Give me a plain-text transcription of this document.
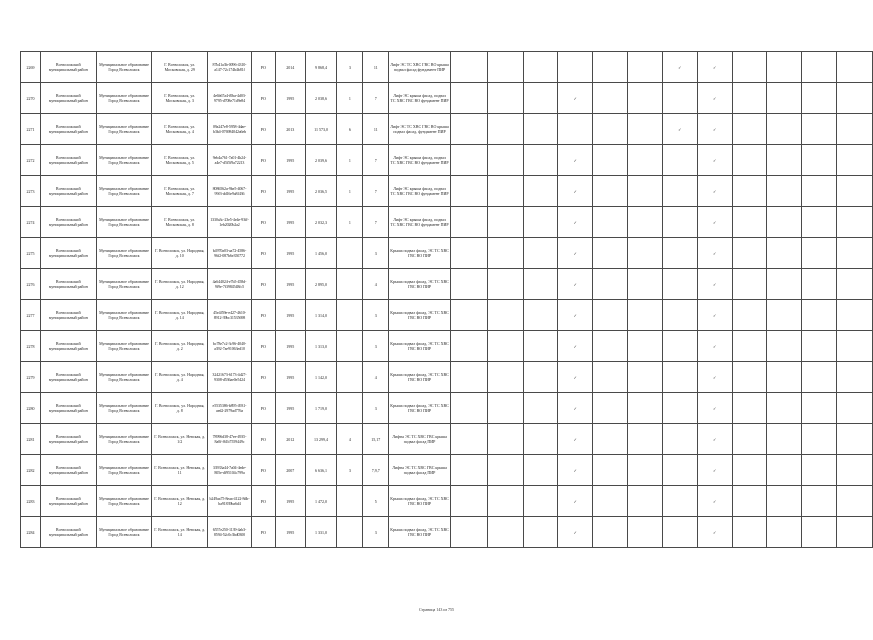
2269	Всеволожский муниципальный район	Муниципальное образование Город Всеволожск	Г. Всеволожск, ул. Московская, д. 29	87b41a3b-0096-4310-a147-72c174b4b81f	РО	2014	9 868,4	3	11	Лифт ЭС ТС ХВС ГВС ВО крыша подвал фасад фундамент ПИР							✓	✓				
2270	Всеволожский муниципальный район	Муниципальное образование Город Всеволожск	Г. Всеволожск, ул. Московская, д. 3	4e6b67a4-f0ba-4d03-9795-d708e71d9e84	РО	1995	2 038,6	1	7	Лифт ЭС крыша фасад, подвал ТС ХВС ГВС ВО фундамент ПИР				✓				✓				
2271	Всеволожский муниципальный район	Муниципальное образование Город Всеволожск	Г. Всеволожск, ул. Московская, д. 4	09a247e8-5958-4dae-b3b4-076984042a6eb	РО	2013	11 573,0	6	11	Лифт ЭС ТС ХВС ГВС ВО крыша подвал фасад, фундамент ПИР							✓	✓				
2272	Всеволожский муниципальный район	Муниципальное образование Город Всеволожск	Г. Всеволожск, ул. Московская, д. 5	9eb4a761-7a01-4b24-a4e7-d5f5f9a72213	РО	1995	2 039,6	1	7	Лифт ЭС крыша фасад, подвал ТС ХВС ГВС ВО фундамент ПИР				✓				✓				
2273	Всеволожский муниципальный район	Муниципальное образование Город Всеволожск	Г. Всеволожск, ул. Московская, д. 7	8086562a-9be5-4067-99f3-dd16e9a8f436	РО	1995	2 036,5	1	7	Лифт ЭС крыша фасад, подвал ТС ХВС ГВС ВО фундамент ПИР				✓				✓				
2274	Всеволожский муниципальный район	Муниципальное образование Город Всеволожск	Г. Всеволожск, ул. Московская, д. 8	1330a3c-23e5-4e4e-93ff-1eb2020b2a2	РО	1995	2 032,3	1	7	Лифт ЭС крыша фасад, подвал ТС ХВС ГВС ВО фундамент ПИР				✓				✓				
2275	Всеволожский муниципальный район	Муниципальное образование Город Всеволожск	Г. Всеволожск, ул. Народная, д. 10	b4970a03-aa72-4586-96f2-087b6e350772	РО	1995	1 456,0		3	Крыша подвал фасад, ЭС ТС ХВС ГВС ВО ПИР				✓				✓				
2276	Всеволожский муниципальный район	Муниципальное образование Город Всеволожск	Г. Всеволожск, ул. Народная, д. 12	4a644024-e7b5-458d-9f9e-7f3984548fc5	РО	1995	2 895,0		4	Крыша подвал фасад, ЭС ТС ХВС ГВС ВО ПИР				✓				✓				
2277	Всеволожский муниципальный район	Муниципальное образование Город Всеволожск	Г. Всеволожск, ул. Народная, д. 14	45e4f59e-e427-4610-8912-39bc31535698	РО	1995	1 314,0		3	Крыша подвал фасад, ЭС ТС ХВС ГВС ВО ПИР				✓				✓				
2278	Всеволожский муниципальный район	Муниципальное образование Город Всеволожск	Г. Всеволожск, ул. Народная, д. 2	bc78e7c2-3c96-4040-a392-7ae91063ed10	РО	1995	1 313,0		3	Крыша подвал фасад, ЭС ТС ХВС ГВС ВО ПИР				✓				✓				
2279	Всеволожский муниципальный район	Муниципальное образование Город Всеволожск	Г. Всеволожск, ул. Народная, д. 4	32421673-6173-4d27-9308-d536ae0e5424	РО	1995	1 142,0		4	Крыша подвал фасад, ЭС ТС ХВС ГВС ВО ПИР				✓				✓				
2280	Всеволожский муниципальный район	Муниципальное образование Город Всеволожск	Г. Всеволожск, ул. Народная, д. 8	e5535386-b895-4931-aed2-2979ad776a	РО	1995	1 719,0		3	Крыша подвал фасад, ЭС ТС ХВС ГВС ВО ПИР				✓				✓				
2281	Всеволожский муниципальный район	Муниципальное образование Город Всеволожск	Г. Всеволожск, ул. Невская, д. 1/2	78996d38-47ee-4935-8a0f-f61b7559449c	РО	2012	13 299,4	4	15,17	Лифты ЭС ТС ХВС ГВС крыша подвал фасад ПИР				✓				✓				
2282	Всеволожский муниципальный район	Муниципальное образование Город Всеволожск	Г. Всеволожск, ул. Невская, д. 11	33933a44-7a04-4ede-805e-df95104c799a	РО	2007	6 636,1	3	7,9,7	Лифты ЭС ТС ХВС ГВС крыша подвал фасад ПИР				✓				✓				
2283	Всеволожский муниципальный район	Муниципальное образование Город Всеволожск	Г. Всеволожск, ул. Невская, д. 12	b249aa75-8eaa-4122-8db-ba91839ba6d4	РО	1995	1 472,0		5	Крыша подвал фасад, ЭС ТС ХВС ГВС ВО ПИР				✓				✓				
2284	Всеволожский муниципальный район	Муниципальное образование Город Всеволожск	Г. Всеволожск, ул. Невская, д. 14	6557e250-1139-4ab3-8594-52c0c3bd0300	РО	1995	1 331,0		3	Крыша подвал фасад, ЭС ТС ХВС ГВС ВО ПИР				✓				✓				
Страница 143 из 755
